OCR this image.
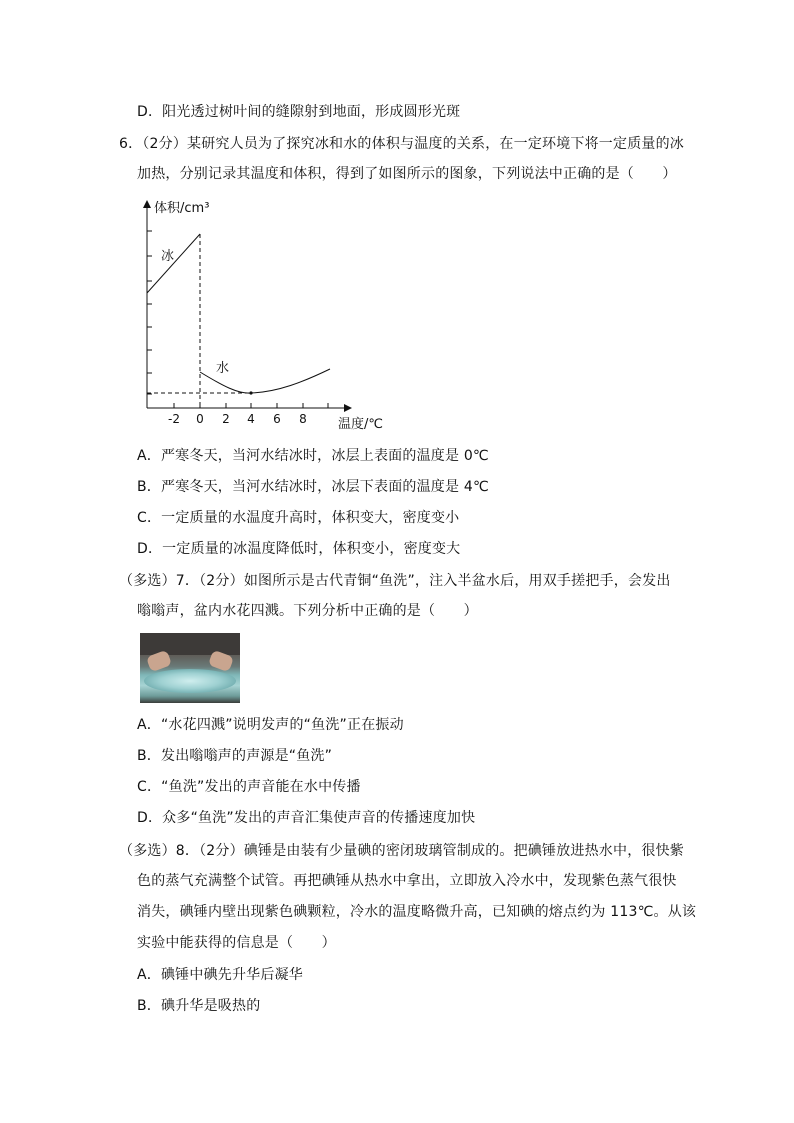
D．阳光透过树叶间的缝隙射到地面，形成圆形光斑
6．（2分）某研究人员为了探究冰和水的体积与温度的关系，在一定环境下将一定质量的冰
加热，分别记录其温度和体积，得到了如图所示的图象，下列说法中正确的是（　　）
体积/cm³
温度/℃
冰
水
-2 0 2 4 6 8
A．严寒冬天，当河水结冰时，冰层上表面的温度是 0℃
B．严寒冬天，当河水结冰时，冰层下表面的温度是 4℃
C．一定质量的水温度升高时，体积变大，密度变小
D．一定质量的冰温度降低时，体积变小，密度变大
（多选）7．（2分）如图所示是古代青铜“鱼洗”，注入半盆水后，用双手搓把手，会发出
嗡嗡声，盆内水花四溅。下列分析中正确的是（　　）
A．“水花四溅”说明发声的“鱼洗”正在振动
B．发出嗡嗡声的声源是“鱼洗”
C．“鱼洗”发出的声音能在水中传播
D．众多“鱼洗”发出的声音汇集使声音的传播速度加快
（多选）8．（2分）碘锤是由装有少量碘的密闭玻璃管制成的。把碘锤放进热水中，很快紫
色的蒸气充满整个试管。再把碘锤从热水中拿出，立即放入冷水中，发现紫色蒸气很快
消失，碘锤内壁出现紫色碘颗粒，冷水的温度略微升高，已知碘的熔点约为 113℃。从该
实验中能获得的信息是（　　）
A．碘锤中碘先升华后凝华
B．碘升华是吸热的
